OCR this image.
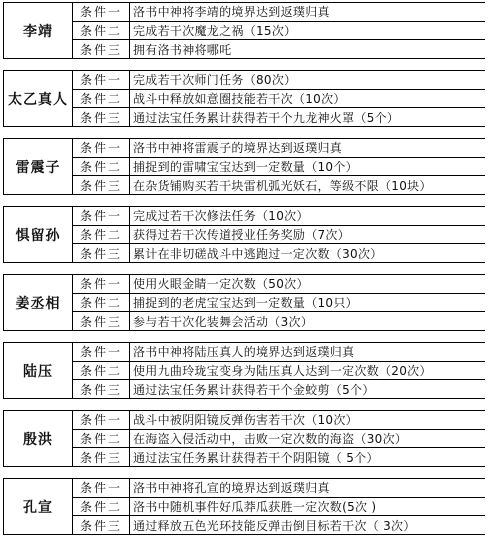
李靖
条件一 洛书中神将李靖的境界达到返璞归真
条件二 完成若干次魔龙之祸（15次）
条件三 拥有洛书神将哪吒
太乙真人
条件一 完成若干次师门任务（80次）
条件二 战斗中释放如意圈技能若干次（10次）
条件三 通过法宝任务累计获得若干个九龙神火罩（5个）
雷震子
条件一 洛书中神将雷震子的境界达到返璞归真
条件二 捕捉到的雷啸宝宝达到一定数量（10个）
条件三 在杂货铺购买若干块雷机弧光妖石，等级不限（10块）
惧留孙
条件一 完成过若干次修法任务（10次）
条件二 获得过若干次传道授业任务奖励（7次）
条件三 累计在非切磋战斗中逃跑过一定次数（30次）
姜丞相
条件一 使用火眼金睛一定次数（50次）
条件二 捕捉到的老虎宝宝达到一定数量（10只）
条件三 参与若干次化装舞会活动（3次）
陆压
条件一 洛书中神将陆压真人的境界达到返璞归真
条件二 使用九曲玲珑宝变身为陆压真人达到一定次数（20次）
条件三 通过法宝任务累计获得若干个金蛟剪（5个）
殷洪
条件一 战斗中被阴阳镜反弹伤害若干次（10次）
条件二 在海盗入侵活动中，击败一定次数的海盗（30次）
条件三 通过法宝任务累计获得若干个阴阳镜（ 5个）
孔宣
条件一 洛书中神将孔宣的境界达到返璞归真
条件二 洛书中随机事件好瓜莽瓜获胜一定次数(5次 )
条件三 通过释放五色光环技能反弹击倒目标若干次（ 3次）
